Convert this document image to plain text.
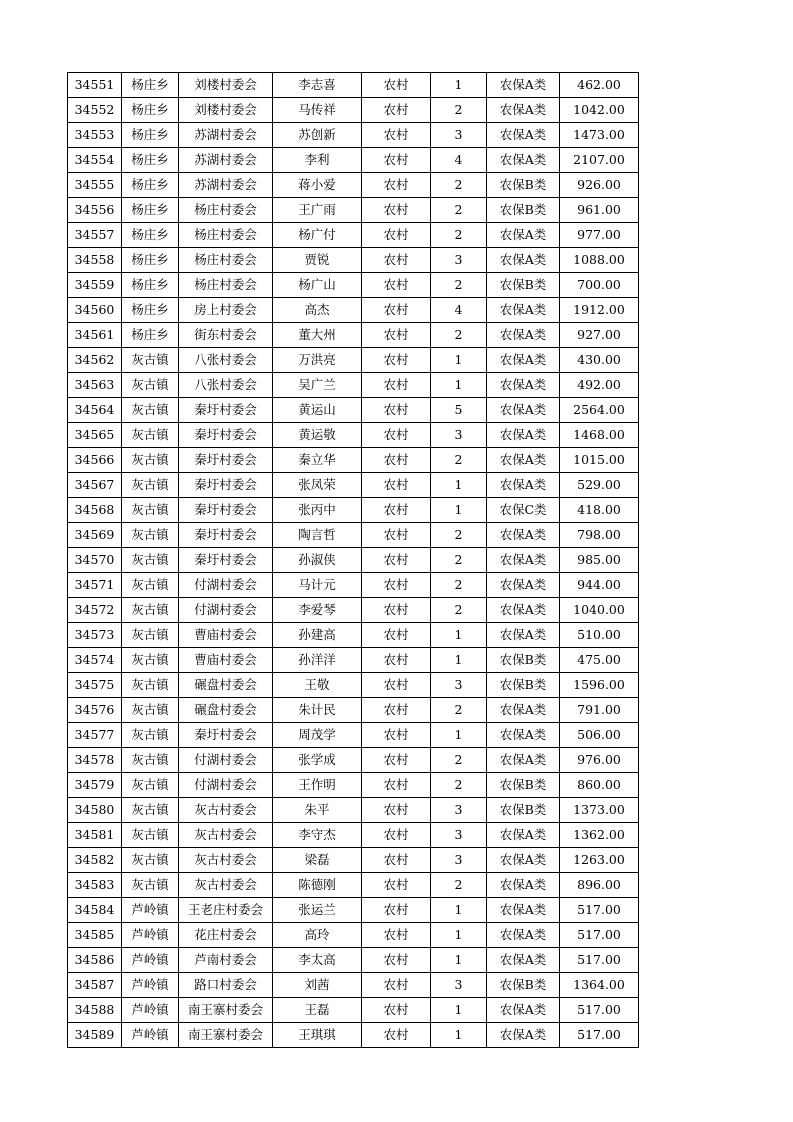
34551	杨庄乡	刘楼村委会	李志喜	农村	1	农保A类	462.00
34552	杨庄乡	刘楼村委会	马传祥	农村	2	农保A类	1042.00
34553	杨庄乡	苏湖村委会	苏创新	农村	3	农保A类	1473.00
34554	杨庄乡	苏湖村委会	李利	农村	4	农保A类	2107.00
34555	杨庄乡	苏湖村委会	蒋小爱	农村	2	农保B类	926.00
34556	杨庄乡	杨庄村委会	王广雨	农村	2	农保B类	961.00
34557	杨庄乡	杨庄村委会	杨广付	农村	2	农保A类	977.00
34558	杨庄乡	杨庄村委会	贾锐	农村	3	农保A类	1088.00
34559	杨庄乡	杨庄村委会	杨广山	农村	2	农保B类	700.00
34560	杨庄乡	房上村委会	高杰	农村	4	农保A类	1912.00
34561	杨庄乡	街东村委会	董大州	农村	2	农保A类	927.00
34562	灰古镇	八张村委会	万洪亮	农村	1	农保A类	430.00
34563	灰古镇	八张村委会	吴广兰	农村	1	农保A类	492.00
34564	灰古镇	秦圩村委会	黄运山	农村	5	农保A类	2564.00
34565	灰古镇	秦圩村委会	黄运敬	农村	3	农保A类	1468.00
34566	灰古镇	秦圩村委会	秦立华	农村	2	农保A类	1015.00
34567	灰古镇	秦圩村委会	张凤荣	农村	1	农保A类	529.00
34568	灰古镇	秦圩村委会	张丙中	农村	1	农保C类	418.00
34569	灰古镇	秦圩村委会	陶言哲	农村	2	农保A类	798.00
34570	灰古镇	秦圩村委会	孙淑侠	农村	2	农保A类	985.00
34571	灰古镇	付湖村委会	马计元	农村	2	农保A类	944.00
34572	灰古镇	付湖村委会	李爱琴	农村	2	农保A类	1040.00
34573	灰古镇	曹庙村委会	孙建高	农村	1	农保A类	510.00
34574	灰古镇	曹庙村委会	孙洋洋	农村	1	农保B类	475.00
34575	灰古镇	碾盘村委会	王敬	农村	3	农保B类	1596.00
34576	灰古镇	碾盘村委会	朱计民	农村	2	农保A类	791.00
34577	灰古镇	秦圩村委会	周茂学	农村	1	农保A类	506.00
34578	灰古镇	付湖村委会	张学成	农村	2	农保A类	976.00
34579	灰古镇	付湖村委会	王作明	农村	2	农保B类	860.00
34580	灰古镇	灰古村委会	朱平	农村	3	农保B类	1373.00
34581	灰古镇	灰古村委会	李守杰	农村	3	农保A类	1362.00
34582	灰古镇	灰古村委会	梁磊	农村	3	农保A类	1263.00
34583	灰古镇	灰古村委会	陈德刚	农村	2	农保A类	896.00
34584	芦岭镇	王老庄村委会	张运兰	农村	1	农保A类	517.00
34585	芦岭镇	花庄村委会	高玲	农村	1	农保A类	517.00
34586	芦岭镇	芦南村委会	李太高	农村	1	农保A类	517.00
34587	芦岭镇	路口村委会	刘茜	农村	3	农保B类	1364.00
34588	芦岭镇	南王寨村委会	王磊	农村	1	农保A类	517.00
34589	芦岭镇	南王寨村委会	王琪琪	农村	1	农保A类	517.00
